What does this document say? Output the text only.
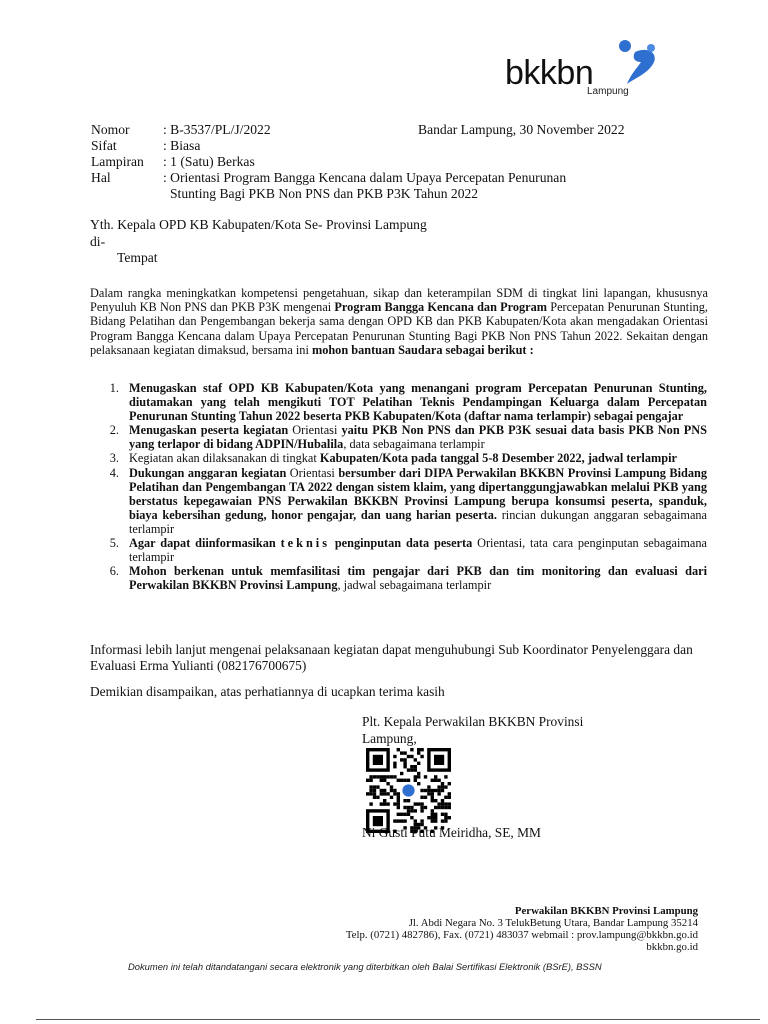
bkkbn
Lampung
Nomor : B-3537/PL/J/2022	Bandar Lampung, 30 November 2022
Sifat	: Biasa
Lampiran : 1 (Satu) Berkas
Hal	: Orientasi Program Bangga Kencana dalam Upaya Percepatan Penurunan
Stunting Bagi PKB Non PNS dan PKB P3K Tahun 2022
Yth. Kepala OPD KB Kabupaten/Kota Se- Provinsi Lampung
di-
Tempat
Dalam rangka meningkatkan kompetensi pengetahuan, sikap dan keterampilan SDM di tingkat lini lapangan, khususnya Penyuluh KB Non PNS dan PKB P3K mengenai Program Bangga Kencana dan Program Percepatan Penurunan Stunting, Bidang Pelatihan dan Pengembangan bekerja sama dengan OPD KB dan PKB Kabupaten/Kota akan mengadakan Orientasi Program Bangga Kencana dalam Upaya Percepatan Penurunan Stunting Bagi PKB Non PNS Tahun 2022. Sekaitan dengan pelaksanaan kegiatan dimaksud, bersama ini mohon bantuan Saudara sebagai berikut :
1. Menugaskan staf OPD KB Kabupaten/Kota yang menangani program Percepatan Penurunan Stunting, diutamakan yang telah mengikuti TOT Pelatihan Teknis Pendampingan Keluarga dalam Percepatan Penurunan Stunting Tahun 2022 beserta PKB Kabupaten/Kota (daftar nama terlampir) sebagai pengajar
2. Menugaskan peserta kegiatan Orientasi yaitu PKB Non PNS dan PKB P3K sesuai data basis PKB Non PNS yang terlapor di bidang ADPIN/Hubalila, data sebagaimana terlampir
3. Kegiatan akan dilaksanakan di tingkat Kabupaten/Kota pada tanggal 5-8 Desember 2022, jadwal terlampir
4. Dukungan anggaran kegiatan Orientasi bersumber dari DIPA Perwakilan BKKBN Provinsi Lampung Bidang Pelatihan dan Pengembangan TA 2022 dengan sistem klaim, yang dipertanggungjawabkan melalui PKB yang berstatus kepegawaian PNS Perwakilan BKKBN Provinsi Lampung berupa konsumsi peserta, spanduk, biaya kebersihan gedung, honor pengajar, dan uang harian peserta. rincian dukungan anggaran sebagaimana terlampir
5. Agar dapat diinformasikan teknis penginputan data peserta Orientasi, tata cara penginputan sebagaimana terlampir
6. Mohon berkenan untuk memfasilitasi tim pengajar dari PKB dan tim monitoring dan evaluasi dari Perwakilan BKKBN Provinsi Lampung, jadwal sebagaimana terlampir
Informasi lebih lanjut mengenai pelaksanaan kegiatan dapat menguhubungi Sub Koordinator Penyelenggara dan Evaluasi Erma Yulianti (082176700675)
Demikian disampaikan, atas perhatiannya di ucapkan terima kasih
Plt. Kepala Perwakilan BKKBN Provinsi
Lampung,
Ni Gusti Putu Meiridha, SE, MM
Perwakilan BKKBN Provinsi Lampung
Jl. Abdi Negara No. 3 TelukBetung Utara, Bandar Lampung 35214
Telp. (0721) 482786), Fax. (0721) 483037 webmail : prov.lampung@bkkbn.go.id
bkkbn.go.id
Dokumen ini telah ditandatangani secara elektronik yang diterbitkan oleh Balai Sertifikasi Elektronik (BSrE), BSSN
